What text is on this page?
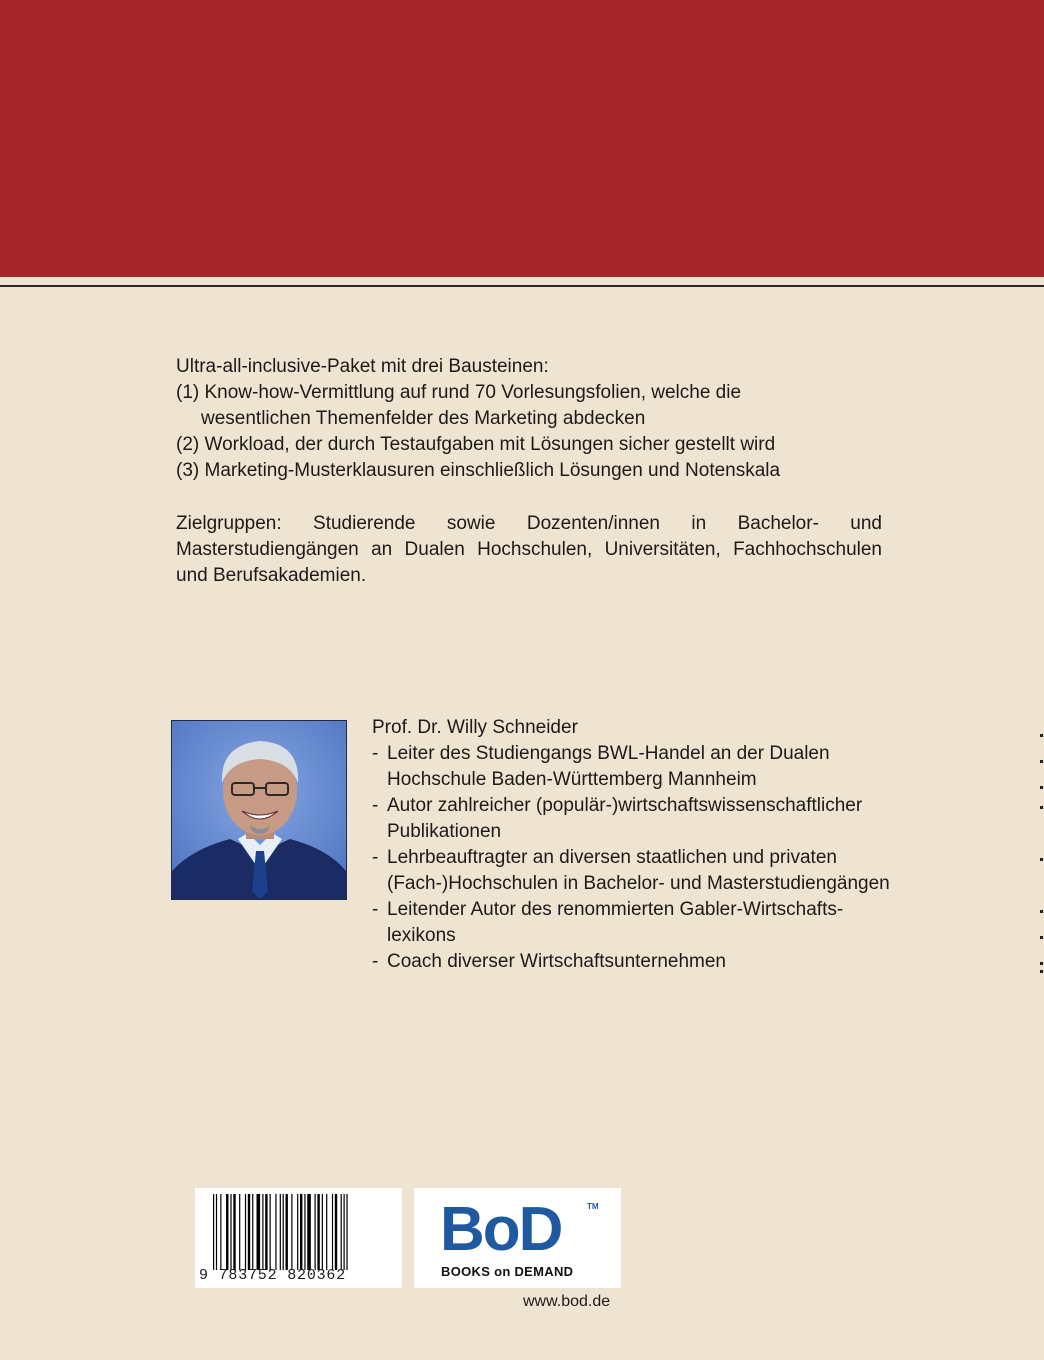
Ultra-all-inclusive-Paket mit drei Bausteinen:

(1) Know-how-Vermittlung auf rund 70 Vorlesungsfolien, welche die

wesentlichen Themenfelder des Marketing abdecken

(2) Workload, der durch Testaufgaben mit Lösungen sicher gestellt wird

(3) Marketing-Musterklausuren einschließlich Lösungen und Notenskala

Zielgruppen: Studierende sowie Dozenten/innen in Bachelor- und Masterstudiengängen an Dualen Hochschulen, Universitäten, Fachhochschulen und Berufsakademien.

Prof. Dr. Willy Schneider

- Leiter des Studiengangs BWL-Handel an der Dualen Hochschule Baden-Württemberg Mannheim
- Autor zahlreicher (populär-)wirtschaftswissenschaftlicher Publikationen
- Lehrbeauftragter an diversen staatlichen und privaten (Fach-)Hochschulen in Bachelor- und Masterstudiengängen
- Leitender Autor des renommierten Gabler-Wirtschafts-lexikons
- Coach diverser Wirtschaftsunternehmen
9 783752 820362
BoD	TM
BOOKS on DEMAND
www.bod.de
